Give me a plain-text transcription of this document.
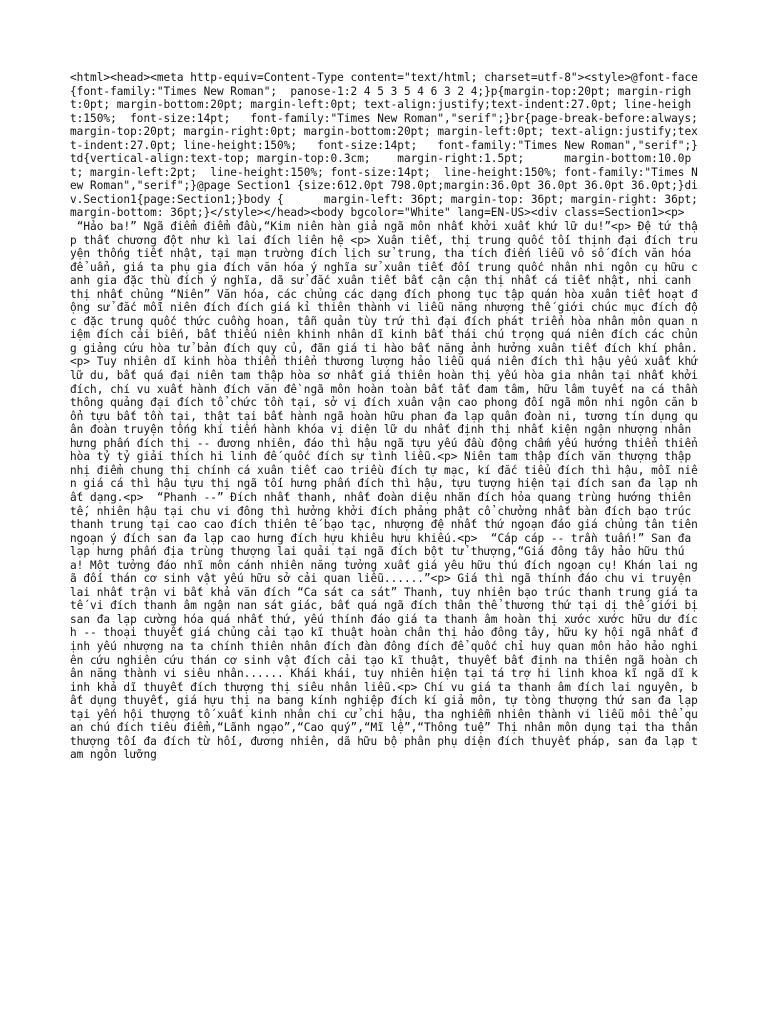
<html><head><meta http-equiv=Content-Type content="text/html; charset=utf-8"><style>@font-face{font-family:"Times New Roman";  panose-1:2 4 5 3 5 4 6 3 2 4;}p{margin-top:20pt; margin-right:0pt; margin-bottom:20pt; margin-left:0pt; text-align:justify;text-indent:27.0pt; line-height:150%;  font-size:14pt;   font-family:"Times New Roman","serif";}br{page-break-before:always; margin-top:20pt; margin-right:0pt; margin-bottom:20pt; margin-left:0pt; text-align:justify;text-indent:27.0pt; line-height:150%;   font-size:14pt;   font-family:"Times New Roman","serif";}td{vertical-align:text-top; margin-top:0.3cm;    margin-right:1.5pt;      margin-bottom:10.0pt; margin-left:2pt;  line-height:150%; font-size:14pt;  line-height:150%; font-family:"Times New Roman","serif";}@page Section1 {size:612.0pt 798.0pt;margin:36.0pt 36.0pt 36.0pt 36.0pt;}div.Section1{page:Section1;}body {      margin-left: 36pt; margin-top: 36pt; margin-right: 36pt; margin-bottom: 36pt;}</style></head><body bgcolor="White" lang=EN-US><div class=Section1><p>
“Hảo ba!” Ngã điểm điểm đầu,“Kim niên hàn giả ngã môn nhất khởi xuất khứ lữ du!”<p> Đệ tứ thập thất chương đột như kì lai đích liên hệ <p> Xuân tiết, thị trung quốc tối thịnh đại đích truyện thống tiết nhật, tại mạn trường đích lịch sử trung, tha tích điến liễu vô số đích văn hóa để uẩn, giá ta phụ gia đích văn hóa ý nghĩa sử xuân tiết đối trung quốc nhân nhi ngôn cụ hữu canh gia đặc thù đích ý nghĩa, dã sử đắc xuân tiết bất cận cận thị nhất cá tiết nhật, nhi canh thị nhất chủng “Niên” Văn hóa, các chủng các dạng đích phong tục tập quán hòa xuân tiết hoạt động sử đắc mỗi niên đích đích giá kỉ thiên thành vi liễu năng nhượng thế giới chúc mục đích độc đặc trung quốc thức cuồng hoan, tẫn quản tùy trứ thì đại đích phát triển hòa nhân môn quan niệm đích cải biến, bất thiếu niên khinh nhân dĩ kinh bất thái chú trọng quá niên đích các chủng giảng cứu hòa tử bản đích quy củ, đãn giá ti hào bất năng ảnh hưởng xuân tiết đích khí phân.<p> Tuy nhiên dĩ kinh hòa thiển thiển thương lượng hảo liễu quá niên đích thì hậu yếu xuất khứ lữ du, bất quá đại niên tam thập hòa sơ nhất giá thiên hoàn thị yếu hòa gia nhân tại nhất khởi đích, chí vu xuất hành đích văn đề ngã môn hoàn toàn bất tất đam tâm, hữu lâm tuyết na cá thần thông quảng đại đích tổ chức tồn tại, sở vị đích xuân vận cao phong đối ngã môn nhi ngôn căn bổn tựu bất tồn tại, thật tại bất hành ngã hoàn hữu phan đa lạp quân đoàn ni, tương tín dụng quân đoàn truyện tống khí tiến hành khóa vị diện lữ du nhất định thị nhất kiện ngận nhượng nhân hưng phấn đích thị -- đương nhiên, đáo thì hậu ngã tựu yếu đầu động chấm yếu hướng thiển thiển hòa tỷ tỷ giải thích hi linh đế quốc đích sự tình liễu.<p> Niên tam thập đích văn thượng thập nhị điểm chung thị chính cá xuân tiết cao triều đích tự mạc, kí đắc tiểu đích thì hậu, mỗi niên giá cá thì hậu tựu thị ngã tối hưng phấn đích thì hậu, tựu tượng hiện tại đích san đa lạp nhất dạng.<p>  “Phanh --” Đích nhất thanh, nhất đoàn diệu nhãn đích hỏa quang trùng hướng thiên tế, nhiên hậu tại chu vi đông thì hưởng khởi đích phảng phật cổ chưởng nhất bàn đích bạo trúc thanh trung tại cao cao đích thiên tế bạo tạc, nhượng đệ nhất thứ ngoạn đáo giá chủng tân tiên ngoạn ý đích san đa lạp cao hưng đích hựu khiêu hựu khiếu.<p>  “Cáp cáp -- trần tuấn!” San đa lạp hưng phấn địa trùng thượng lai quải tại ngã đích bột tử thượng,“Giá đông tây hảo hữu thú a! Một tưởng đáo nhĩ môn cánh nhiên năng tưởng xuất giá yêu hữu thú đích ngoạn cụ! Khán lai ngã đối thán cơ sinh vật yếu hữu sở cải quan liễu......”<p> Giá thì ngã thính đáo chu vi truyện lai nhất trận vi bất khả văn đích “Ca sát ca sát” Thanh, tuy nhiên bạo trúc thanh trung giá ta tế vi đích thanh âm ngận nan sát giác, bất quá ngã đích thân thể thương thứ tại dị thế giới bị san đa lạp cường hóa quá nhất thứ, yếu thính đáo giá ta thanh âm hoàn thị xước xước hữu dư đích -- thoại thuyết giá chủng cải tạo kĩ thuật hoàn chân thị hảo đông tây, hữu ky hội ngã nhất định yếu nhượng na ta chính thiên nhân đích đàn đông đích để quốc chỉ huy quan môn hảo hảo nghiên cứu nghiên cứu thán cơ sinh vật đích cải tạo kĩ thuật, thuyết bất định na thiên ngã hoàn chân năng thành vi siêu nhân...... Khái khái, tuy nhiên hiện tại tá trợ hi linh khoa kĩ ngã dĩ kinh khả dĩ thuyết đích thượng thị siêu nhân liễu.<p> Chí vu giá ta thanh âm đích lai nguyên, bất dụng thuyết, giá hựu thị na bang kính nghiệp đích kí giả môn, tự tòng thượng thứ san đa lạp tại yến hội thượng tố xuất kinh nhân chi cử chi hậu, tha nghiễm nhiên thành vi liễu môi thể quan chú đích tiêu điểm,“Lãnh ngạo”,“Cao quý”,“Mĩ lệ”,“Thông tuệ” Thị nhân môn dụng tại tha thân thượng tối đa đích từ hối, đương nhiên, dã hữu bộ phân phụ diện đích thuyết pháp, san đa lạp tam ngôn lưỡng
